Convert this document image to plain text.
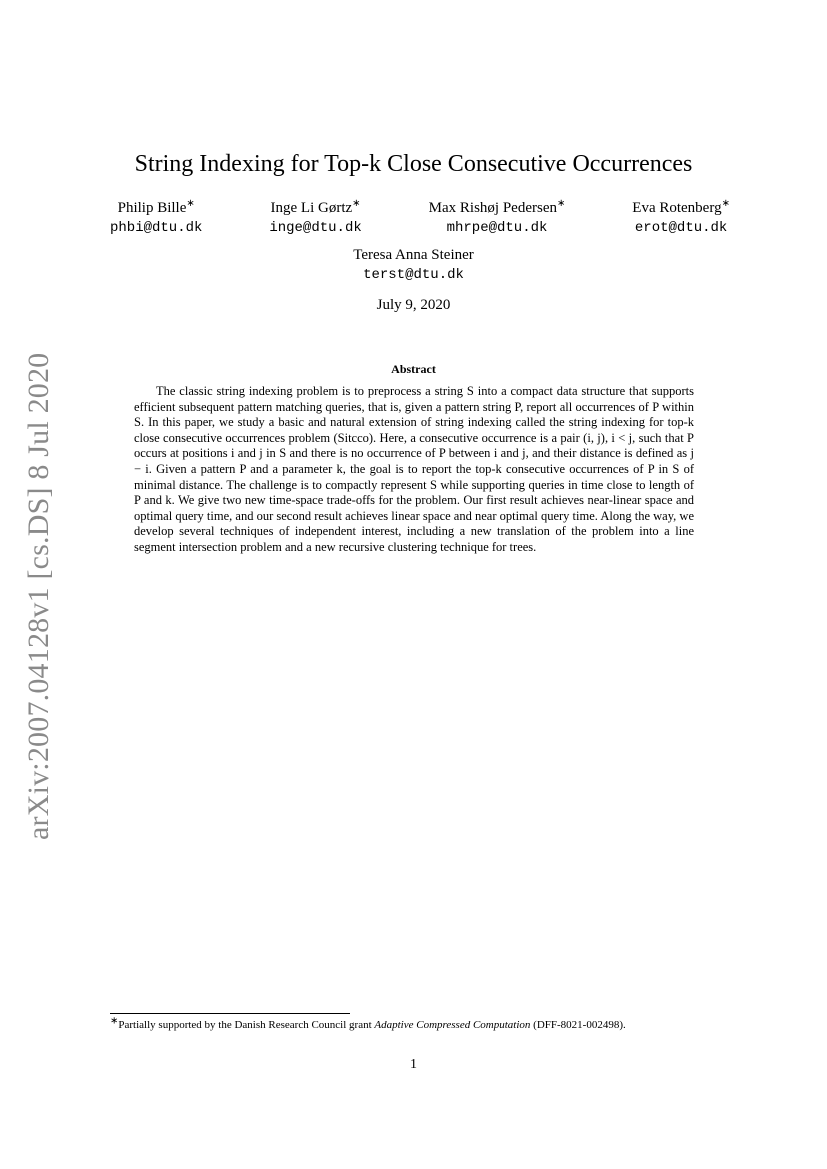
arXiv:2007.04128v1 [cs.DS] 8 Jul 2020
String Indexing for Top-k Close Consecutive Occurrences
Philip Bille∗
phbi@dtu.dk
Inge Li Gørtz∗
inge@dtu.dk
Max Rishøj Pedersen∗
mhrpe@dtu.dk
Eva Rotenberg∗
erot@dtu.dk
Teresa Anna Steiner
terst@dtu.dk
July 9, 2020
Abstract
The classic string indexing problem is to preprocess a string S into a compact data structure that supports efficient subsequent pattern matching queries, that is, given a pattern string P, report all occurrences of P within S. In this paper, we study a basic and natural extension of string indexing called the string indexing for top-k close consecutive occurrences problem (Sitcco). Here, a consecutive occurrence is a pair (i, j), i < j, such that P occurs at positions i and j in S and there is no occurrence of P between i and j, and their distance is defined as j − i. Given a pattern P and a parameter k, the goal is to report the top-k consecutive occurrences of P in S of minimal distance. The challenge is to compactly represent S while supporting queries in time close to length of P and k. We give two new time-space trade-offs for the problem. Our first result achieves near-linear space and optimal query time, and our second result achieves linear space and near optimal query time. Along the way, we develop several techniques of independent interest, including a new translation of the problem into a line segment intersection problem and a new recursive clustering technique for trees.
∗Partially supported by the Danish Research Council grant Adaptive Compressed Computation (DFF-8021-002498).
1
